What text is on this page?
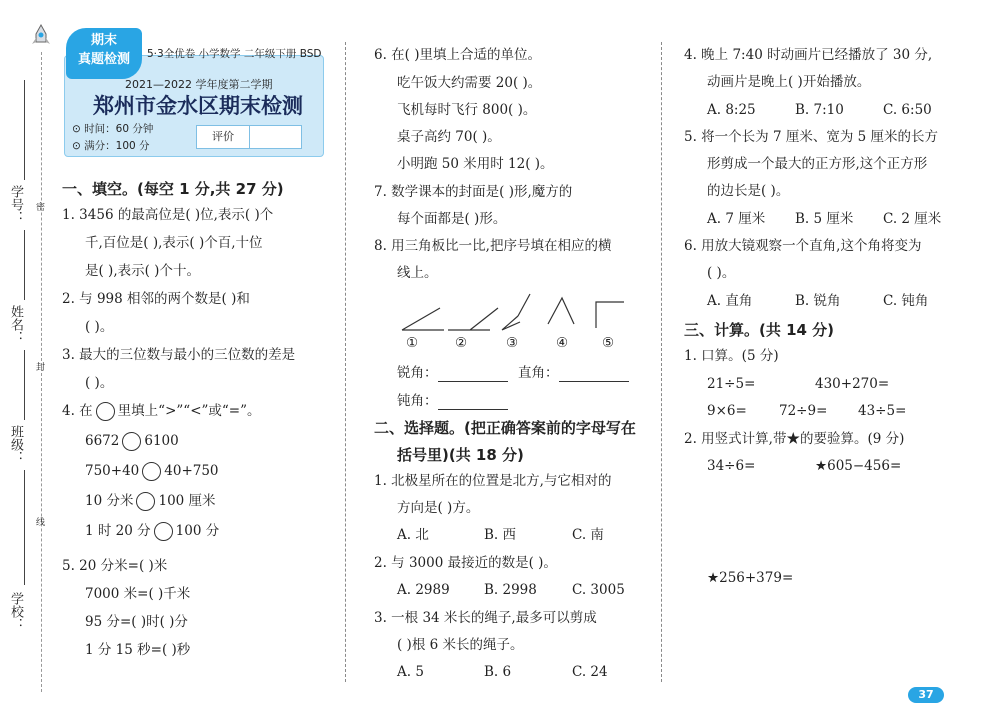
学号：
姓名：
班级：
学校：
密
封
线
期末
真题检测	5·3全优卷 小学数学 二年级下册 BSD
2021—2022 学年度第二学期
郑州市金水区期末检测
⊙ 时间：60 分钟
⊙ 满分：100 分
评价
一、填空。(每空 1 分,共 27 分)
1. 3456 的最高位是( )位,表示( )个
千,百位是( ),表示( )个百,十位
是( ),表示( )个十。
2. 与 998 相邻的两个数是( )和
( )。
3. 最大的三位数与最小的三位数的差是
( )。
4. 在 里填上“>”“<”或“=”。
6672 6100
750+40 40+750
10 分米 100 厘米
1 时 20 分 100 分
5. 20 分米=( )米
7000 米=( )千米
95 分=( )时( )分
1 分 15 秒=( )秒
6. 在( )里填上合适的单位。
吃午饭大约需要 20( )。
飞机每时飞行 800( )。
桌子高约 70( )。
小明跑 50 米用时 12( )。
7. 数学课本的封面是( )形,魔方的
每个面都是( )形。
8. 用三角板比一比,把序号填在相应的横
线上。
①	②	③	④	⑤
锐角：	直角：
钝角：
二、选择题。(把正确答案前的字母写在
括号里)(共 18 分)
1. 北极星所在的位置是北方,与它相对的
方向是( )方。
A. 北	B. 西	C. 南
2. 与 3000 最接近的数是( )。
A. 2989	B. 2998	C. 3005
3. 一根 34 米长的绳子,最多可以剪成
( )根 6 米长的绳子。
A. 5	B. 6	C. 24
4. 晚上 7:40 时动画片已经播放了 30 分,
动画片是晚上( )开始播放。
A. 8:25	B. 7:10	C. 6:50
5. 将一个长为 7 厘米、宽为 5 厘米的长方
形剪成一个最大的正方形,这个正方形
的边长是( )。
A. 7 厘米 B. 5 厘米 C. 2 厘米
6. 用放大镜观察一个直角,这个角将变为
( )。
A. 直角	B. 锐角	C. 钝角
三、计算。(共 14 分)
1. 口算。(5 分)
21÷5=	430+270=
9×6= 72÷9= 43÷5=
2. 用竖式计算,带★的要验算。(9 分)
34÷6=	★605−456=
★256+379=
37
